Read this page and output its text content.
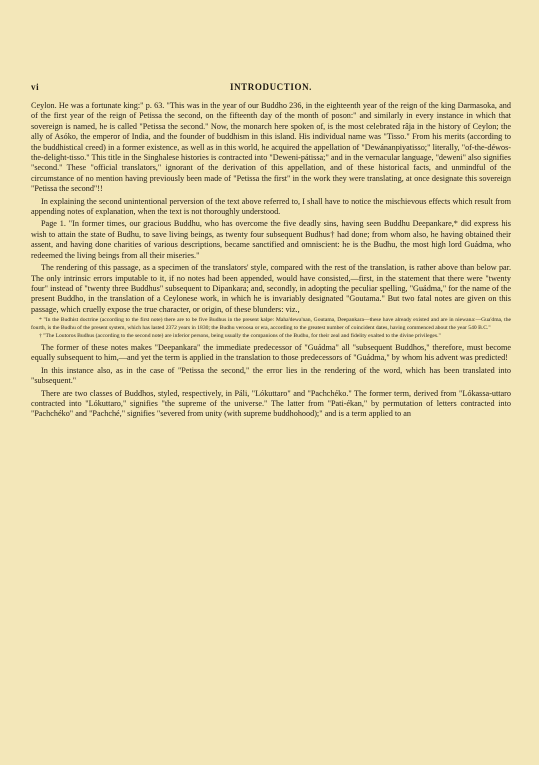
vi	INTRODUCTION.

Ceylon. He was a fortunate king:" p. 63. "This was in the year of our Buddho 236, in the eighteenth year of the reign of the king Darmasoka, and of the first year of the reign of Petissa the second, on the fifteenth day of the month of poson:" and similarly in every instance in which that sovereign is named, he is called "Petissa the second." Now, the monarch here spoken of, is the most celebrated râja in the history of Ceylon; the ally of Asóko, the emperor of India, and the founder of buddhism in this island. His individual name was "Tisso." From his merits (according to the buddhistical creed) in a former existence, as well as in this world, he acquired the appellation of "Dewánanpiyatisso;" literally, "of-the-déwos-the-delight-tisso." This title in the Singhalese histories is contracted into "Deweni-pátissa;" and in the vernacular language, "deweni" also signifies "second." These "official translators," ignorant of the derivation of this appellation, and of these historical facts, and unmindful of the circumstance of no mention having previously been made of "Petissa the first" in the work they were translating, at once designate this sovereign "Petissa the second"!!

In explaining the second unintentional perversion of the text above referred to, I shall have to notice the mischievous effects which result from appending notes of explanation, when the text is not thoroughly understood.

Page 1. "In former times, our gracious Buddhu, who has overcome the five deadly sins, having seen Buddhu Deepankare,* did express his wish to attain the state of Budhu, to save living beings, as twenty four subsequent Budhus† had done; from whom also, he having obtained their assent, and having done charities of various descriptions, became sanctified and omniscient: he is the Budhu, the most high lord Guádma, who redeemed the living beings from all their miseries."

The rendering of this passage, as a specimen of the translators' style, compared with the rest of the translation, is rather above than below par. The only intrinsic errors imputable to it, if no notes had been appended, would have consisted,—first, in the statement that there were "twenty four" instead of "twenty three Buddhus" subsequent to Dipankara; and, secondly, in adopting the peculiar spelling, "Guádma," for the name of the present Buddho, in the translation of a Ceylonese work, in which he is invariably designated "Goutama." But two fatal notes are given on this passage, which cruelly expose the true character, or origin, of these blunders: viz.,

* "In the Budhist doctrine (according to the first note) there are to be five Budhus in the present kalpe: Maha'dewa'nan, Goutama, Deepankara—these have already existed and are in niewana:—Gua'dma, the fourth, is the Budhu of the present system, which has lasted 2372 years in 1830; the Budhu veroosa or era, according to the greatest number of coincident dates, having commenced about the year 540 B.C."

† "The Loutoros Budhus (according to the second note) are inferior persons, being usually the companions of the Budhu, for their zeal and fidelity exalted to the divine privileges."

The former of these notes makes "Deepankara" the immediate predecessor of "Guádma" all "subsequent Buddhos," therefore, must become equally subsequent to him,—and yet the term is applied in the translation to those predecessors of "Guádma," by whom his advent was predicted!

In this instance also, as in the case of "Petissa the second," the error lies in the rendering of the word, which has been translated into "subsequent."

There are two classes of Buddhos, styled, respectively, in Páli, "Lókuttaro" and "Pachchéko." The former term, derived from "Lókassa-uttaro contracted into "Lókuttaro," signifies "the supreme of the universe." The latter from "Pati-ékan," by permutation of letters contracted into "Pachchéko" and "Pachché," signifies "severed from unity (with supreme buddhohood);" and is a term applied to an
